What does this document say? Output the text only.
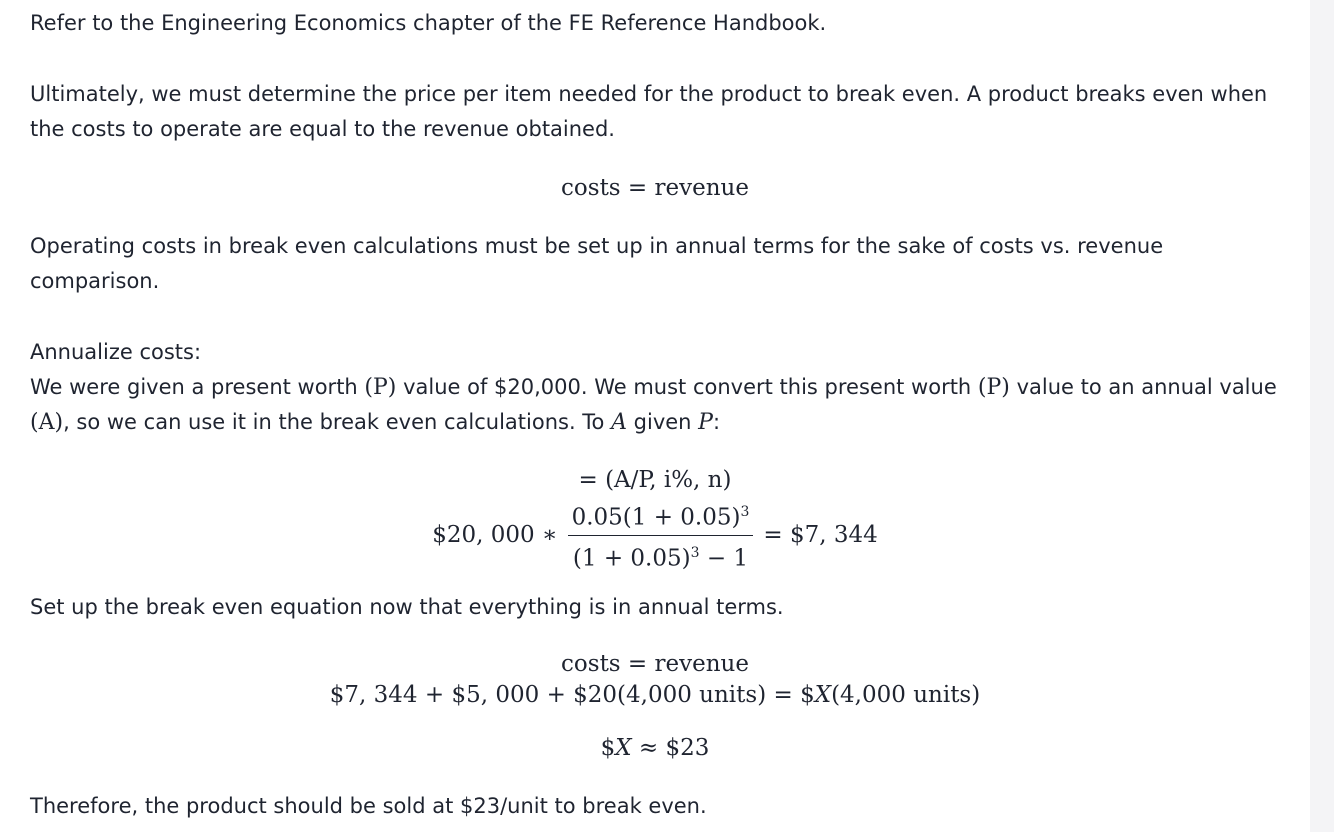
Refer to the Engineering Economics chapter of the FE Reference Handbook.

Ultimately, we must determine the price per item needed for the product to break even. A product breaks even when the costs to operate are equal to the revenue obtained.

costs = revenue

Operating costs in break even calculations must be set up in annual terms for the sake of costs vs. revenue comparison.

Annualize costs:

We were given a present worth (P) value of $20,000. We must convert this present worth (P) value to an annual value (A), so we can use it in the break even calculations. To A given P:

= (A/P, i%, n)
$20, 000 ∗ $\frac{0.05(1 + 0.05)^3}{(1 + 0.05)^3 - 1}$ = $7, 344

Set up the break even equation now that everything is in annual terms.

costs = revenue
$7, 344 + $5, 000 + $20(4,000 units) = $X(4,000 units)
$X ≈ $23

Therefore, the product should be sold at $23/unit to break even.
